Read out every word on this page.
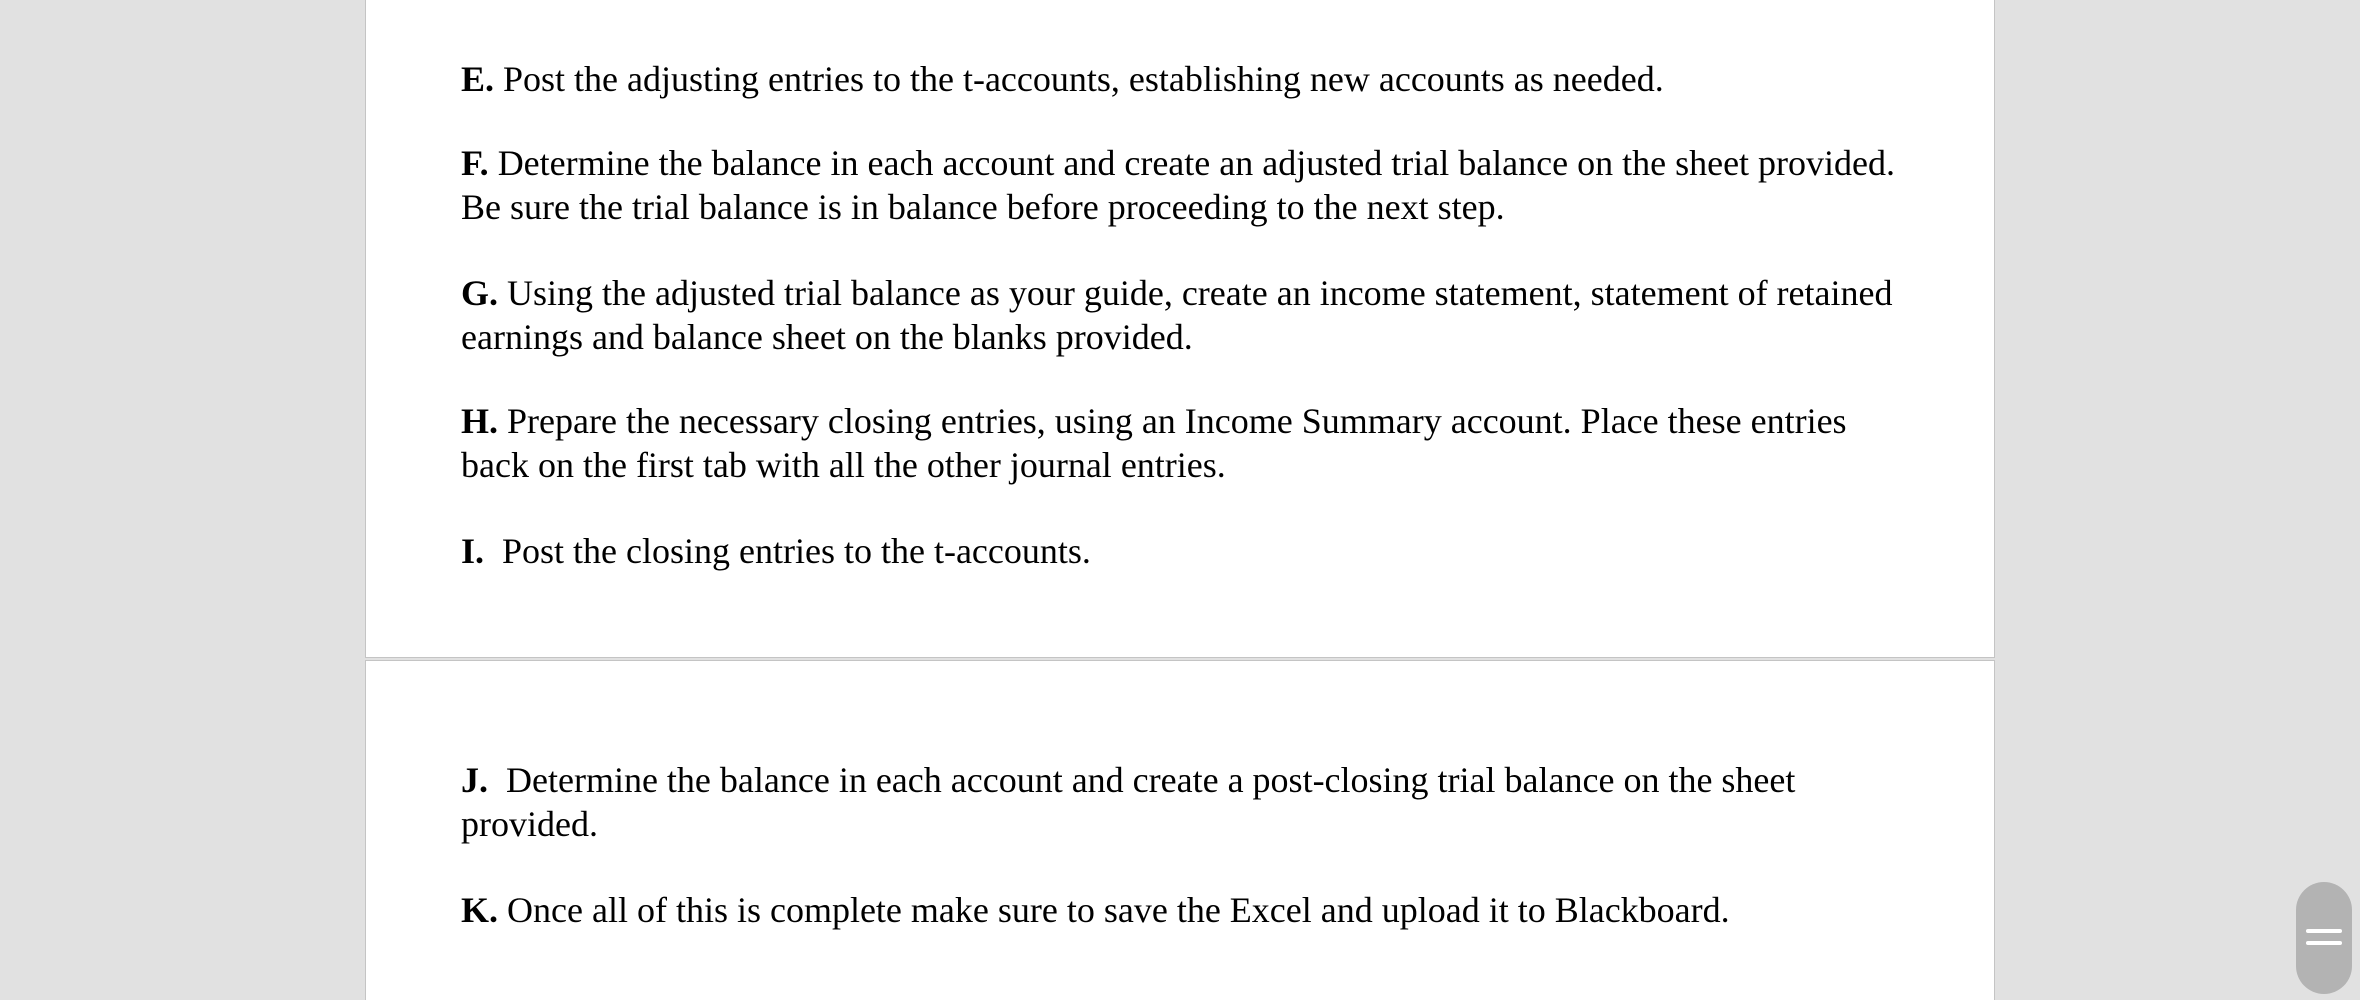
E. Post the adjusting entries to the t-accounts, establishing new accounts as needed.

F. Determine the balance in each account and create an adjusted trial balance on the sheet provided. Be sure the trial balance is in balance before proceeding to the next step.

G. Using the adjusted trial balance as your guide, create an income statement, statement of retained earnings and balance sheet on the blanks provided.

H. Prepare the necessary closing entries, using an Income Summary account. Place these entries back on the first tab with all the other journal entries.

I.  Post the closing entries to the t-accounts.

J.  Determine the balance in each account and create a post-closing trial balance on the sheet provided.

K. Once all of this is complete make sure to save the Excel and upload it to Blackboard.
